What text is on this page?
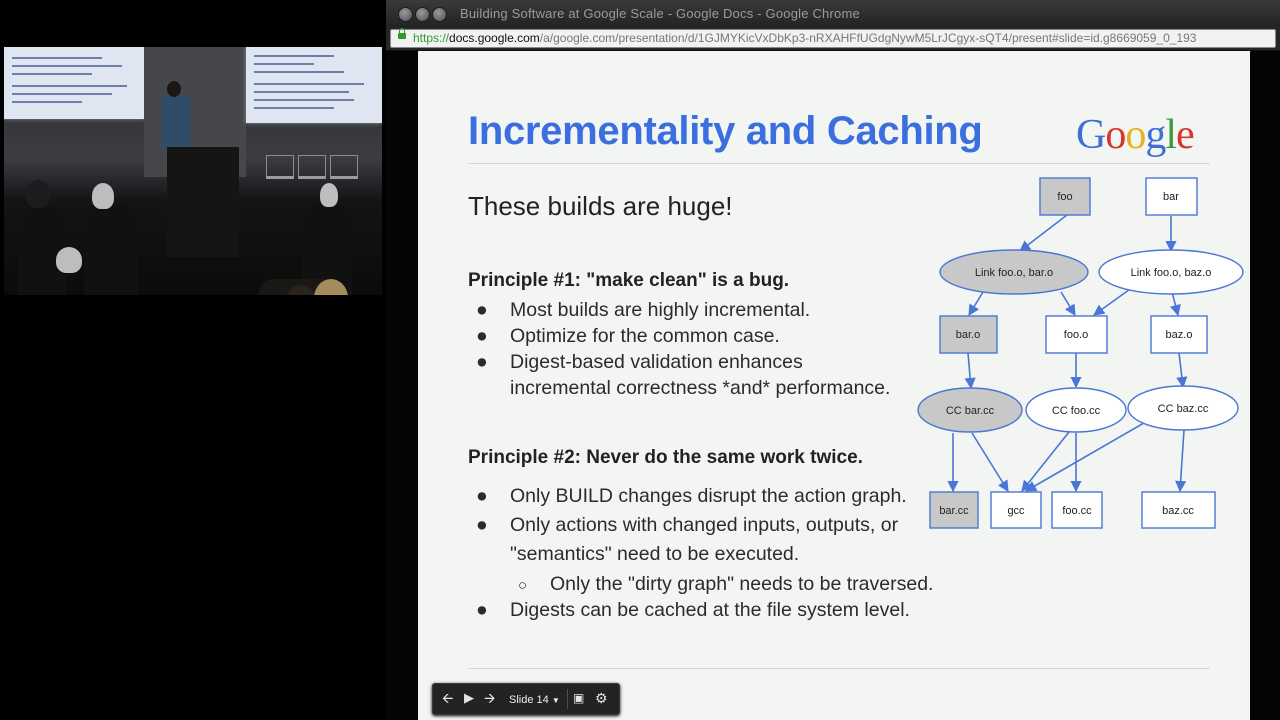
Building Software at Google Scale - Google Docs - Google Chrome
https://docs.google.com/a/google.com/presentation/d/1GJMYKicVxDbKp3-nRXAHFfUGdgNywM5LrJCgyx-sQT4/present#slide=id.g8669059_0_193
Incrementality and Caching Google
These builds are huge!
Principle #1: "make clean" is a bug.
● Most builds are highly incremental.
● Optimize for the common case.
● Digest-based validation enhances
incremental correctness *and* performance.
Principle #2: Never do the same work twice.
● Only BUILD changes disrupt the action graph.
● Only actions with changed inputs, outputs, or
"semantics" need to be executed.
○ Only the "dirty graph" needs to be traversed.
● Digests can be cached at the file system level.
foo	bar
Link foo.o, bar.o	Link foo.o, baz.o
bar.o	foo.o	baz.o
CC bar.cc	CC foo.cc	CC baz.cc
bar.cc	gcc	foo.cc	baz.cc
🡨 ▶ 🡪 Slide 14 ▼ ▣ ⚙
